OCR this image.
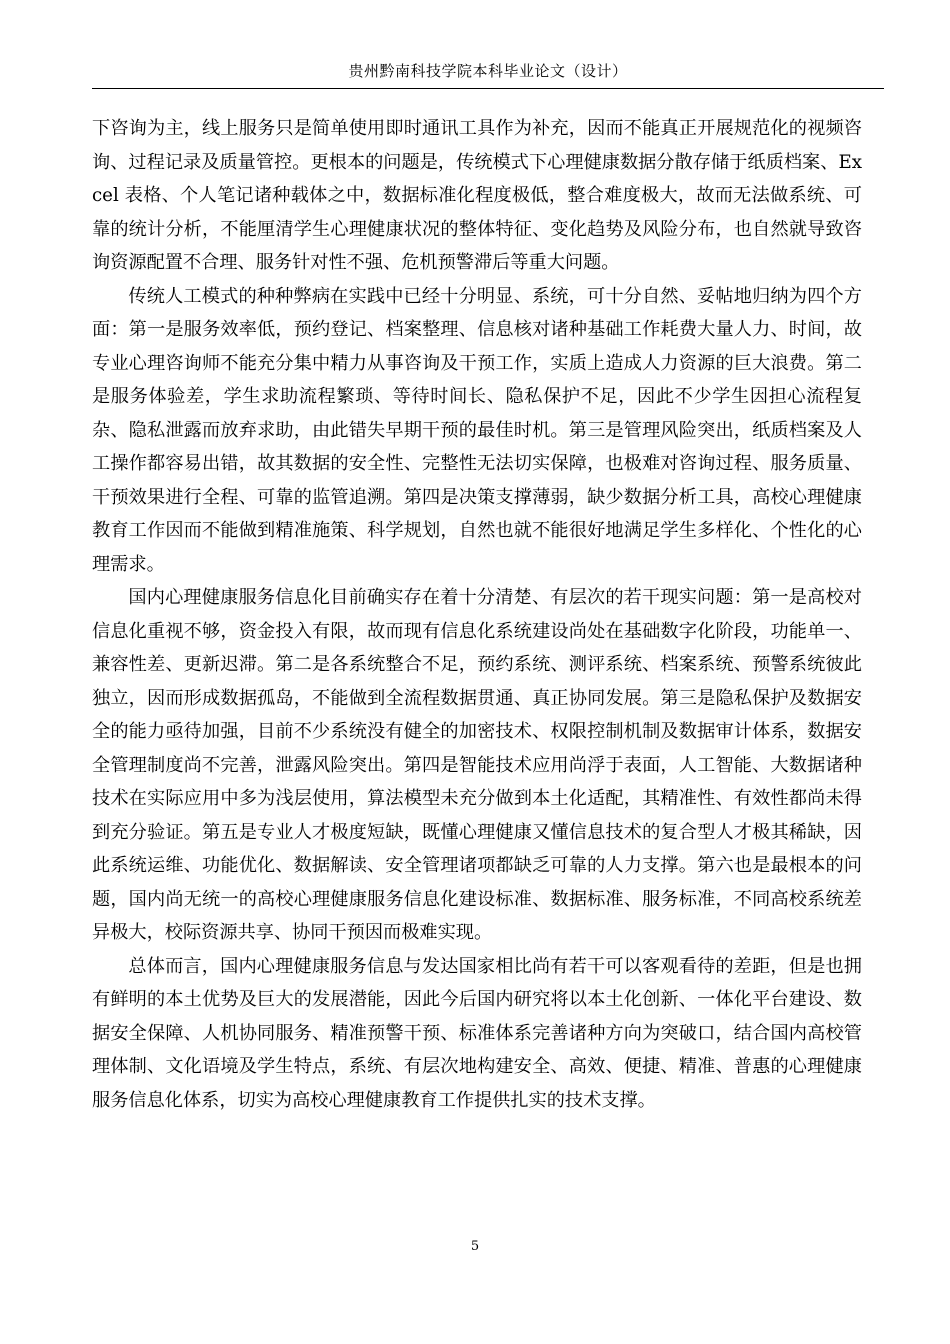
贵州黔南科技学院本科毕业论文（设计）

下咨询为主，线上服务只是简单使用即时通讯工具作为补充，因而不能真正开展规范化的视频咨询、过程记录及质量管控。更根本的问题是，传统模式下心理健康数据分散存储于纸质档案、Excel 表格、个人笔记诸种载体之中，数据标准化程度极低，整合难度极大，故而无法做系统、可靠的统计分析，不能厘清学生心理健康状况的整体特征、变化趋势及风险分布，也自然就导致咨询资源配置不合理、服务针对性不强、危机预警滞后等重大问题。

传统人工模式的种种弊病在实践中已经十分明显、系统，可十分自然、妥帖地归纳为四个方面：第一是服务效率低，预约登记、档案整理、信息核对诸种基础工作耗费大量人力、时间，故专业心理咨询师不能充分集中精力从事咨询及干预工作，实质上造成人力资源的巨大浪费。第二是服务体验差，学生求助流程繁琐、等待时间长、隐私保护不足，因此不少学生因担心流程复杂、隐私泄露而放弃求助，由此错失早期干预的最佳时机。第三是管理风险突出，纸质档案及人工操作都容易出错，故其数据的安全性、完整性无法切实保障，也极难对咨询过程、服务质量、干预效果进行全程、可靠的监管追溯。第四是决策支撑薄弱，缺少数据分析工具，高校心理健康教育工作因而不能做到精准施策、科学规划，自然也就不能很好地满足学生多样化、个性化的心理需求。

国内心理健康服务信息化目前确实存在着十分清楚、有层次的若干现实问题：第一是高校对信息化重视不够，资金投入有限，故而现有信息化系统建设尚处在基础数字化阶段，功能单一、兼容性差、更新迟滞。第二是各系统整合不足，预约系统、测评系统、档案系统、预警系统彼此独立，因而形成数据孤岛，不能做到全流程数据贯通、真正协同发展。第三是隐私保护及数据安全的能力亟待加强，目前不少系统没有健全的加密技术、权限控制机制及数据审计体系，数据安全管理制度尚不完善，泄露风险突出。第四是智能技术应用尚浮于表面，人工智能、大数据诸种技术在实际应用中多为浅层使用，算法模型未充分做到本土化适配，其精准性、有效性都尚未得到充分验证。第五是专业人才极度短缺，既懂心理健康又懂信息技术的复合型人才极其稀缺，因此系统运维、功能优化、数据解读、安全管理诸项都缺乏可靠的人力支撑。第六也是最根本的问题，国内尚无统一的高校心理健康服务信息化建设标准、数据标准、服务标准，不同高校系统差异极大，校际资源共享、协同干预因而极难实现。

总体而言，国内心理健康服务信息与发达国家相比尚有若干可以客观看待的差距，但是也拥有鲜明的本土优势及巨大的发展潜能，因此今后国内研究将以本土化创新、一体化平台建设、数据安全保障、人机协同服务、精准预警干预、标准体系完善诸种方向为突破口，结合国内高校管理体制、文化语境及学生特点，系统、有层次地构建安全、高效、便捷、精准、普惠的心理健康服务信息化体系，切实为高校心理健康教育工作提供扎实的技术支撑。

5
